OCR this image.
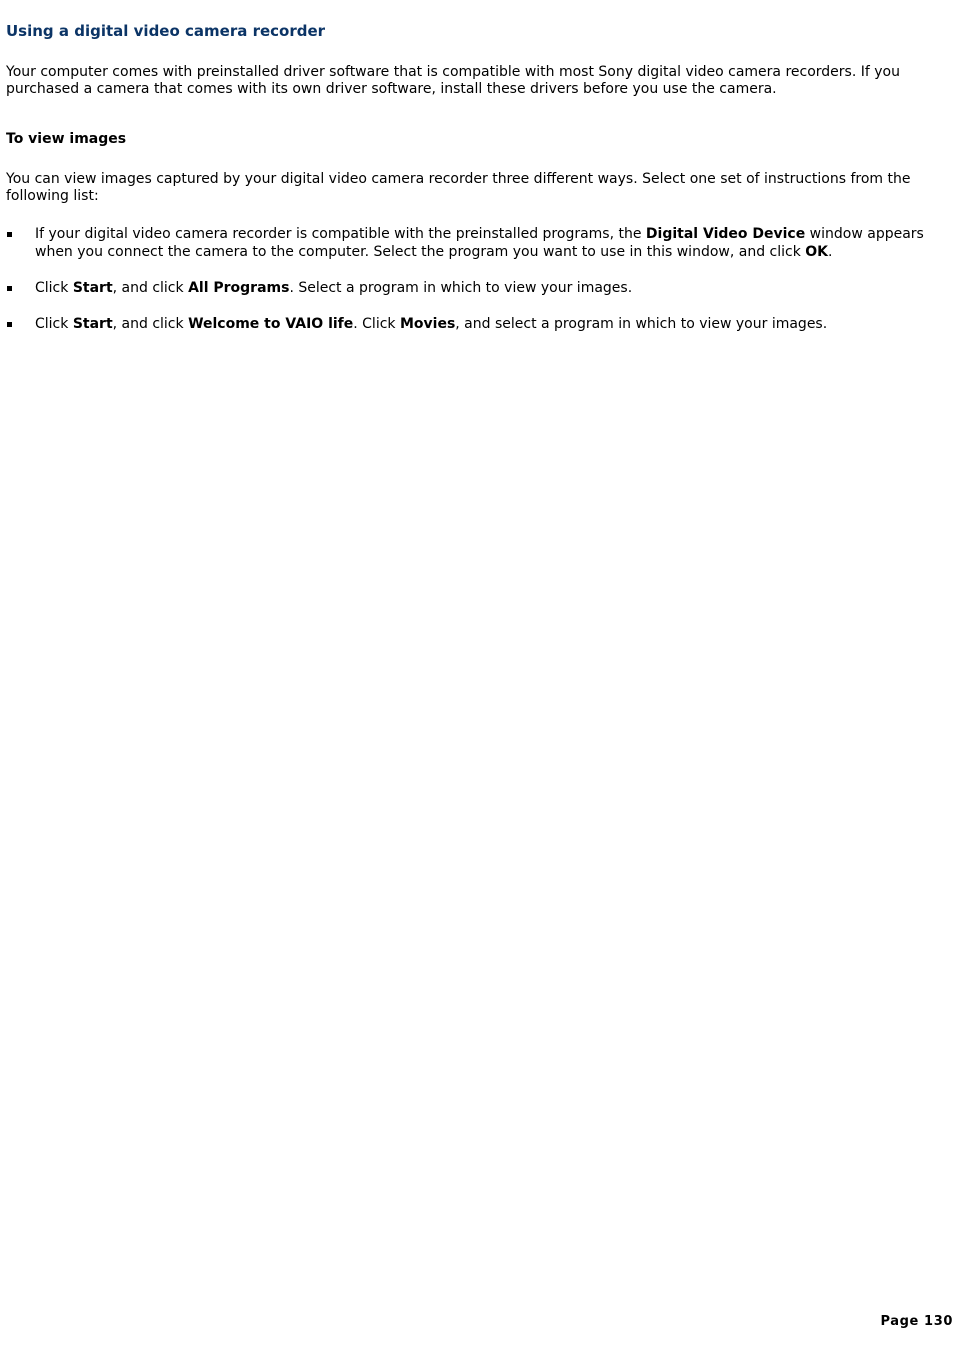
Using a digital video camera recorder

Your computer comes with preinstalled driver software that is compatible with most Sony digital video camera recorders. If you purchased a camera that comes with its own driver software, install these drivers before you use the camera.

To view images

You can view images captured by your digital video camera recorder three different ways. Select one set of instructions from the following list:

If your digital video camera recorder is compatible with the preinstalled programs, the Digital Video Device window appears when you connect the camera to the computer. Select the program you want to use in this window, and click OK.
Click Start, and click All Programs. Select a program in which to view your images.
Click Start, and click Welcome to VAIO life. Click Movies, and select a program in which to view your images.
Page 130
